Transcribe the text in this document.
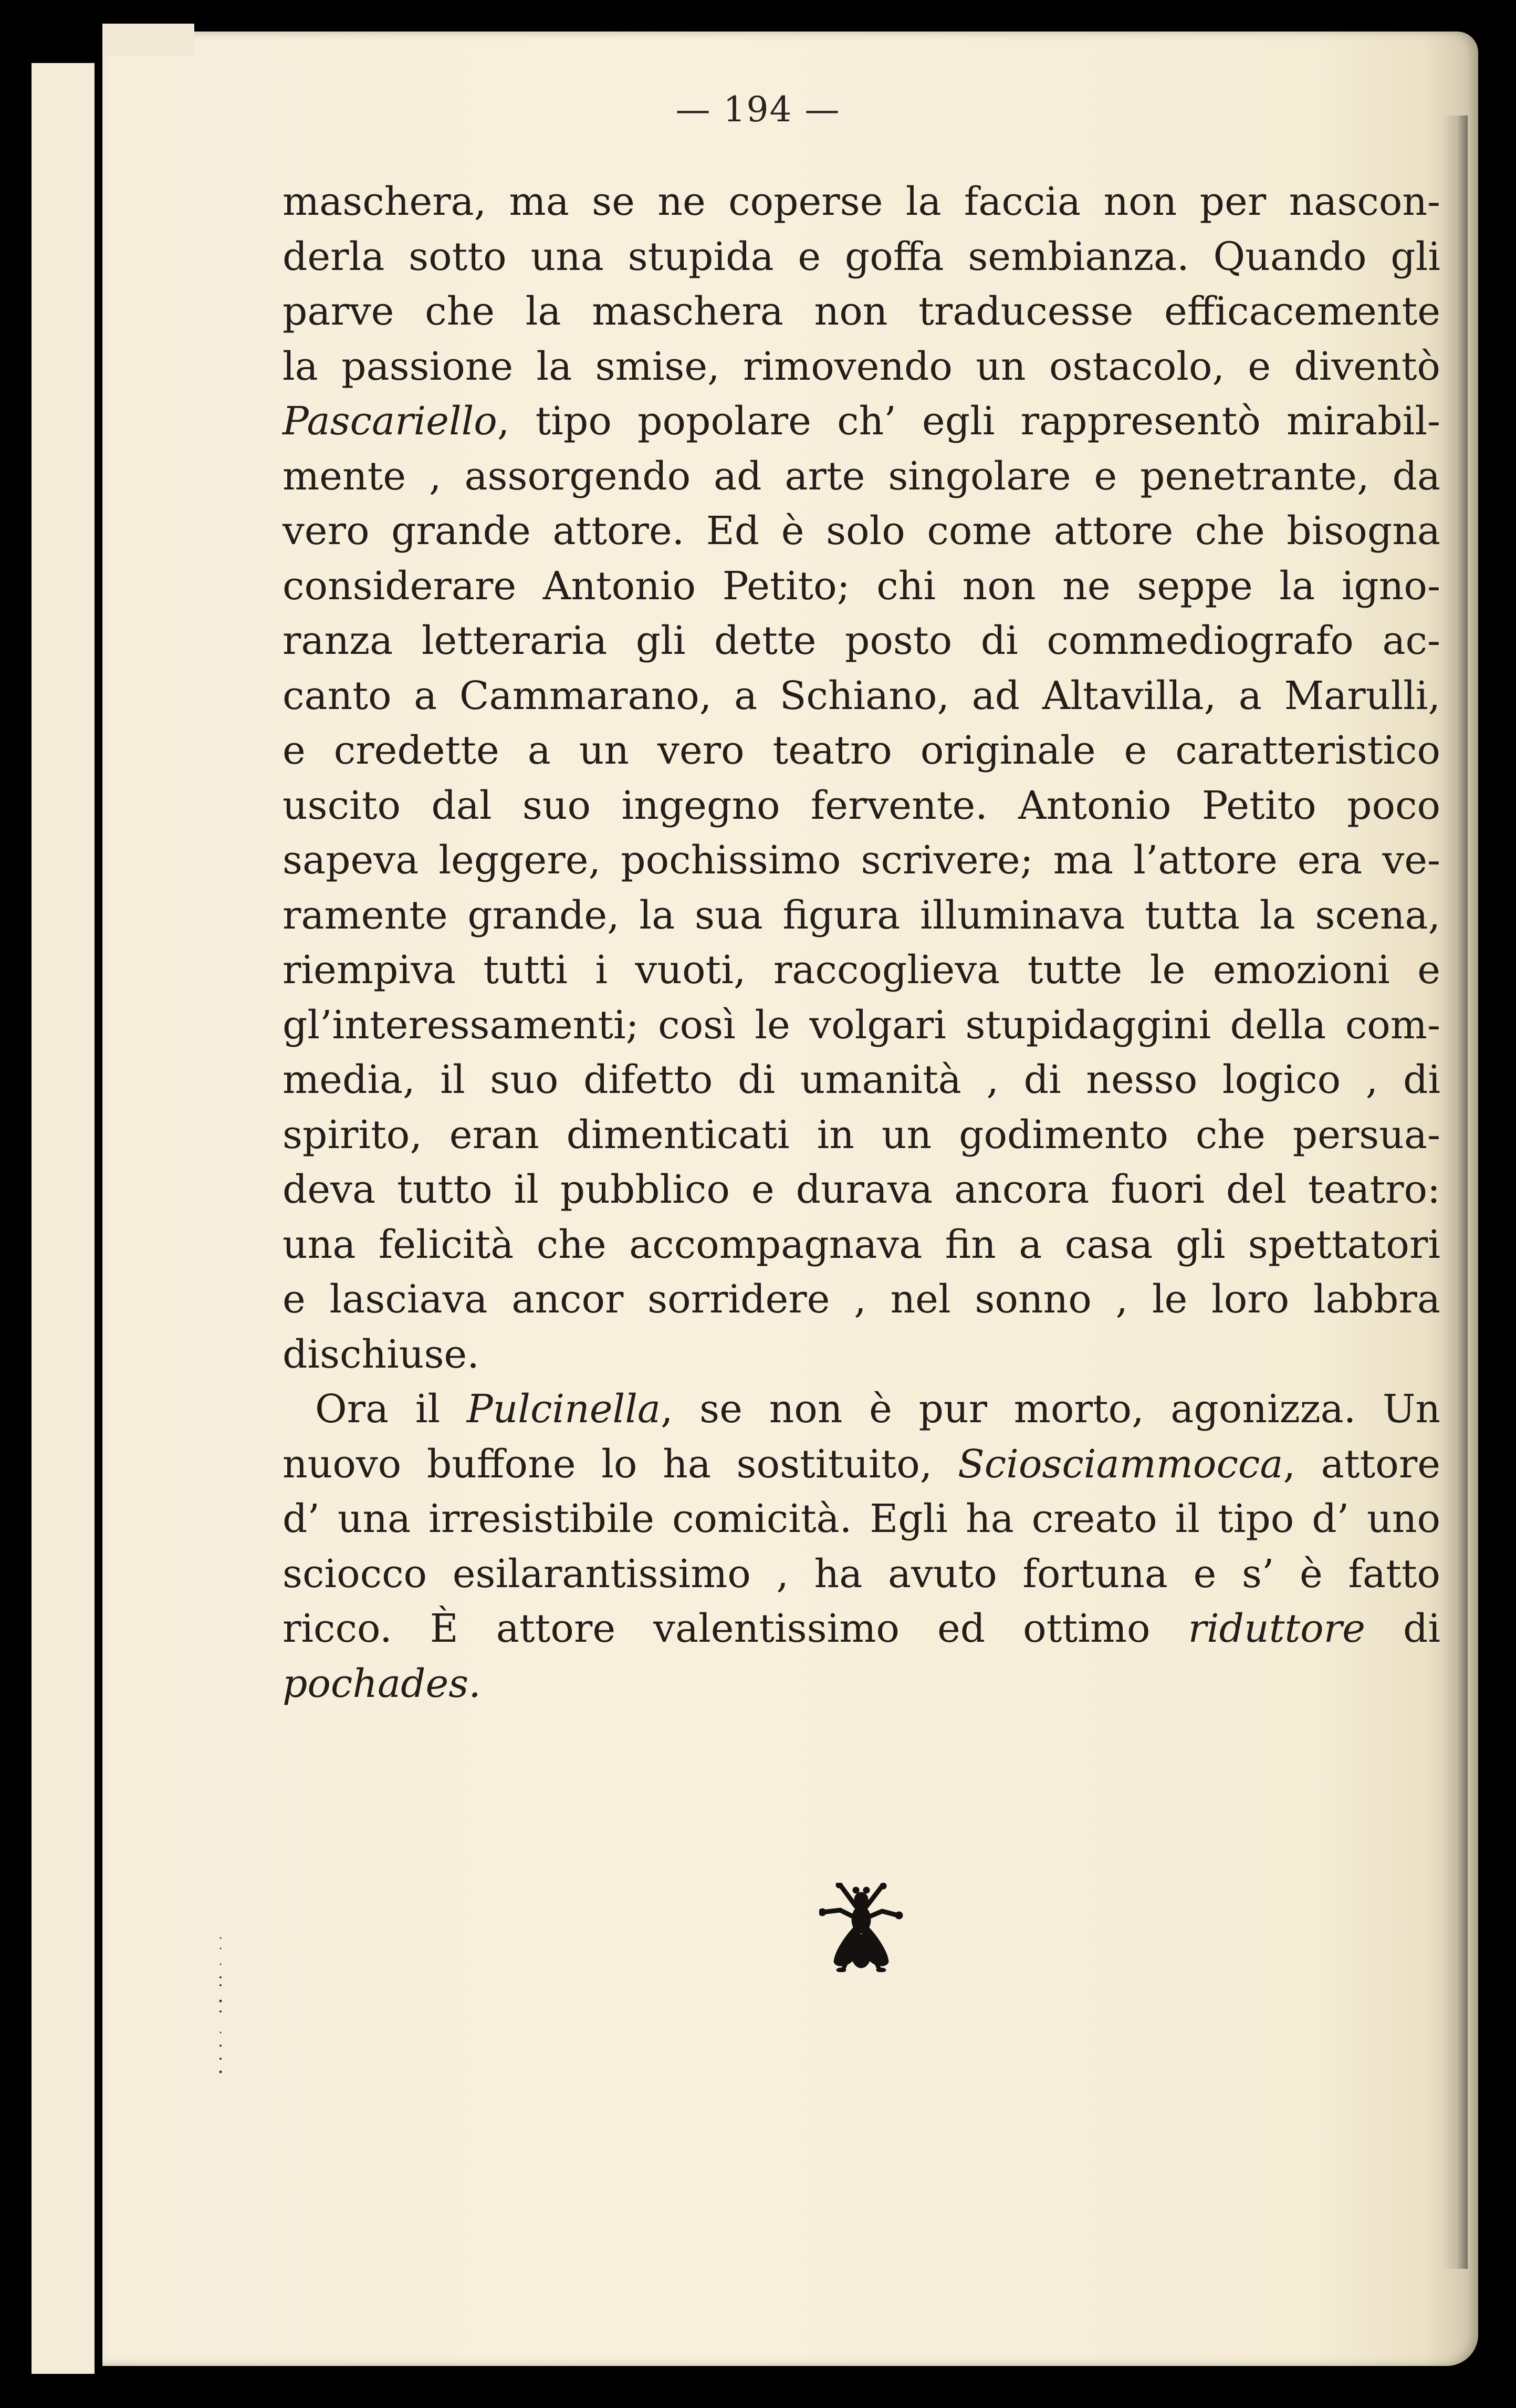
— 194 —
maschera, ma se ne coperse la faccia non per nascon-
derla sotto una stupida e goffa sembianza. Quando gli
parve che la maschera non traducesse efficacemente
la passione la smise, rimovendo un ostacolo, e diventò
Pascariello, tipo popolare ch’ egli rappresentò mirabil-
mente , assorgendo ad arte singolare e penetrante, da
vero grande attore. Ed è solo come attore che bisogna
considerare Antonio Petito; chi non ne seppe la igno-
ranza letteraria gli dette posto di commediografo ac-
canto a Cammarano, a Schiano, ad Altavilla, a Marulli,
e credette a un vero teatro originale e caratteristico
uscito dal suo ingegno fervente. Antonio Petito poco
sapeva leggere, pochissimo scrivere; ma l’attore era ve-
ramente grande, la sua figura illuminava tutta la scena,
riempiva tutti i vuoti, raccoglieva tutte le emozioni e
gl’interessamenti; così le volgari stupidaggini della com-
media, il suo difetto di umanità , di nesso logico , di
spirito, eran dimenticati in un godimento che persua-
deva tutto il pubblico e durava ancora fuori del teatro:
una felicità che accompagnava fin a casa gli spettatori
e lasciava ancor sorridere , nel sonno , le loro labbra
dischiuse.
Ora il Pulcinella, se non è pur morto, agonizza. Un
nuovo buffone lo ha sostituito, Sciosciammocca, attore
d’ una irresistibile comicità. Egli ha creato il tipo d’ uno
sciocco esilarantissimo , ha avuto fortuna e s’ è fatto
ricco. È attore valentissimo ed ottimo riduttore di
pochades.
